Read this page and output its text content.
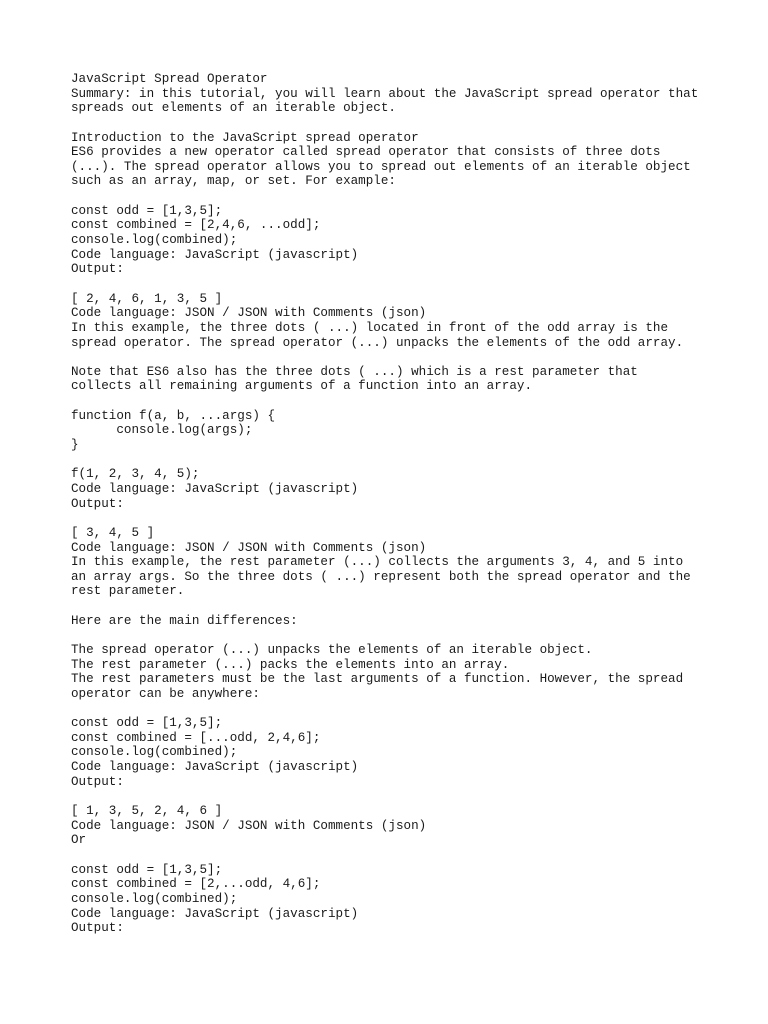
JavaScript Spread Operator
Summary: in this tutorial, you will learn about the JavaScript spread operator that
spreads out elements of an iterable object.
Introduction to the JavaScript spread operator
ES6 provides a new operator called spread operator that consists of three dots
(...). The spread operator allows you to spread out elements of an iterable object
such as an array, map, or set. For example:
const odd = [1,3,5];
const combined = [2,4,6, ...odd];
console.log(combined);
Code language: JavaScript (javascript)
Output:
[ 2, 4, 6, 1, 3, 5 ]
Code language: JSON / JSON with Comments (json)
In this example, the three dots ( ...) located in front of the odd array is the
spread operator. The spread operator (...) unpacks the elements of the odd array.
Note that ES6 also has the three dots ( ...) which is a rest parameter that
collects all remaining arguments of a function into an array.
function f(a, b, ...args) {
console.log(args);
}
f(1, 2, 3, 4, 5);
Code language: JavaScript (javascript)
Output:
[ 3, 4, 5 ]
Code language: JSON / JSON with Comments (json)
In this example, the rest parameter (...) collects the arguments 3, 4, and 5 into
an array args. So the three dots ( ...) represent both the spread operator and the
rest parameter.
Here are the main differences:
The spread operator (...) unpacks the elements of an iterable object.
The rest parameter (...) packs the elements into an array.
The rest parameters must be the last arguments of a function. However, the spread
operator can be anywhere:
const odd = [1,3,5];
const combined = [...odd, 2,4,6];
console.log(combined);
Code language: JavaScript (javascript)
Output:
[ 1, 3, 5, 2, 4, 6 ]
Code language: JSON / JSON with Comments (json)
Or
const odd = [1,3,5];
const combined = [2,...odd, 4,6];
console.log(combined);
Code language: JavaScript (javascript)
Output:
